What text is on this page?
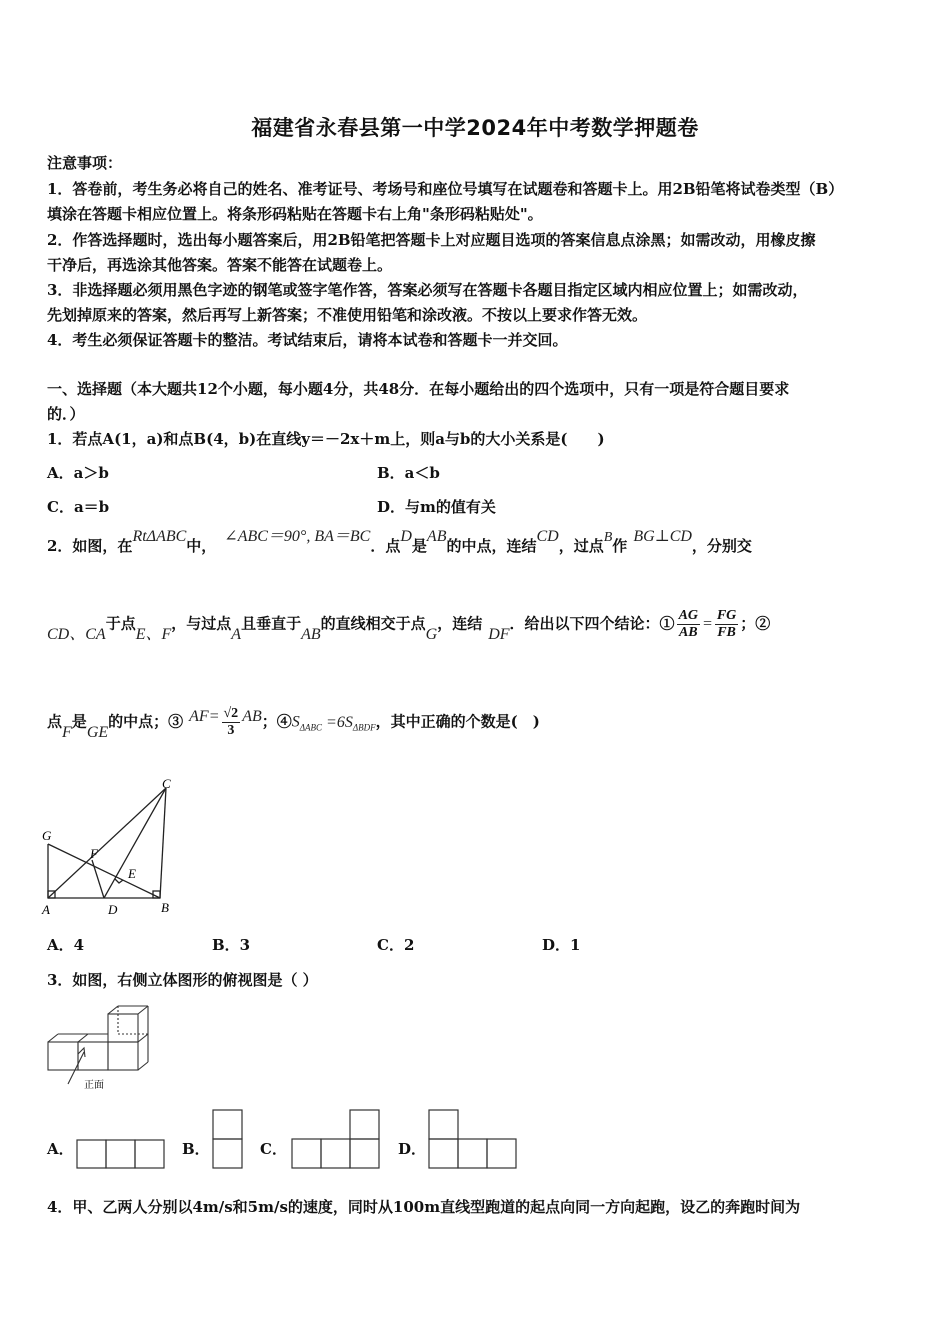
福建省永春县第一中学2024年中考数学押题卷
注意事项：
1．答卷前，考生务必将自己的姓名、准考证号、考场号和座位号填写在试题卷和答题卡上。用2B铅笔将试卷类型（B）
填涂在答题卡相应位置上。将条形码粘贴在答题卡右上角"条形码粘贴处"。
2．作答选择题时，选出每小题答案后，用2B铅笔把答题卡上对应题目选项的答案信息点涂黑；如需改动，用橡皮擦
干净后，再选涂其他答案。答案不能答在试题卷上。
3．非选择题必须用黑色字迹的钢笔或签字笔作答，答案必须写在答题卡各题目指定区域内相应位置上；如需改动，
先划掉原来的答案，然后再写上新答案；不准使用铅笔和涂改液。不按以上要求作答无效。
4．考生必须保证答题卡的整洁。考试结束后，请将本试卷和答题卡一并交回。
一、选择题（本大题共12个小题，每小题4分，共48分．在每小题给出的四个选项中，只有一项是符合题目要求
的．）
1．若点A(1，a)和点B(4，b)在直线y＝－2x＋m上，则a与b的大小关系是(　　)
A．a＞b	B．a＜b
C．a＝b	D．与m的值有关
2．如图，在RtΔABC中，∠ABC＝90°, BA＝BC．点D是AB的中点，连结CD，过点B作BG⊥CD，分别交
CD、CA于点E、F，与过点A且垂直于AB的直线相交于点G，连结DF．给出以下四个结论：① $\frac{AG}{AB} = \frac{FG}{FB}$ ；②
点F是GE的中点；③ $AF= \frac{√2}{3}$ AB；$④S_{\Delta ABC} =6S_{\Delta BDF}$，其中正确的个数是(　)
C
G
F
E
A	D	B
A．4	B．3	C．2	D．1
3．如图，右侧立体图形的俯视图是（ ）
正面
A．	B．	C．	D．
4．甲、乙两人分别以4m/s和5m/s的速度，同时从100m直线型跑道的起点向同一方向起跑，设乙的奔跑时间为
